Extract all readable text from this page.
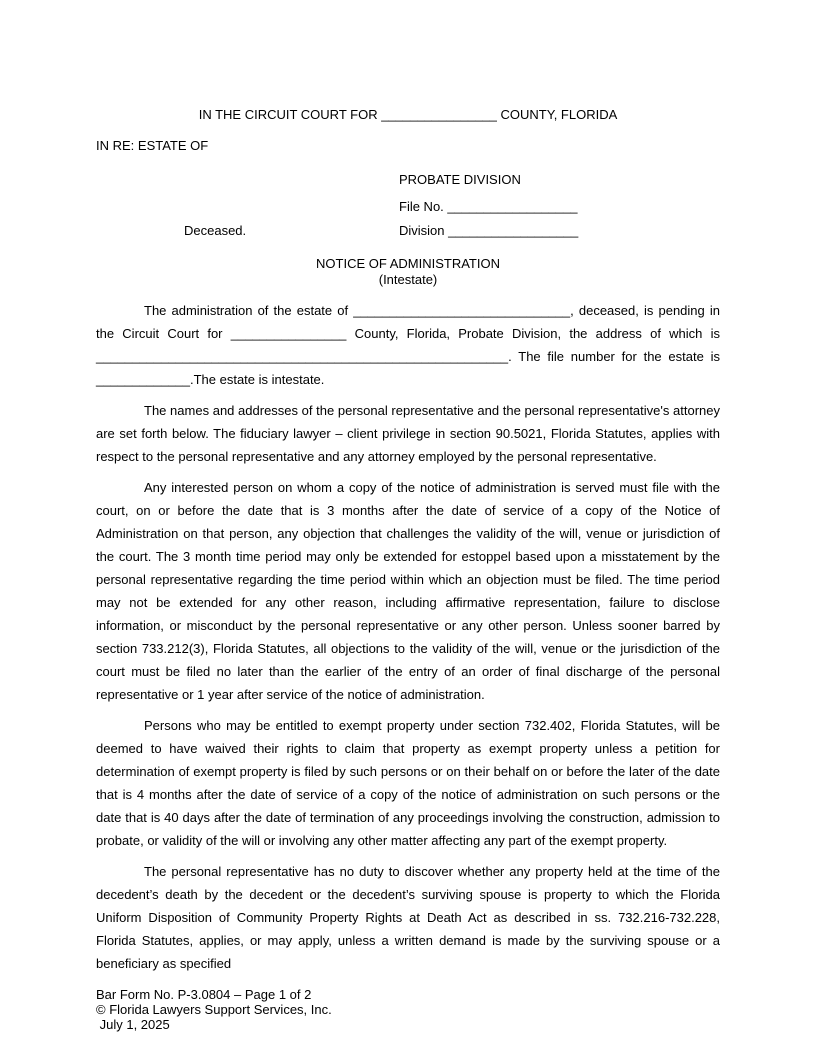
IN THE CIRCUIT COURT FOR ________________ COUNTY, FLORIDA
IN RE: ESTATE OF
PROBATE DIVISION
File No. __________________
Deceased.	Division __________________
NOTICE OF ADMINISTRATION
(Intestate)

The administration of the estate of ______________________________, deceased, is pending in the Circuit Court for ________________ County, Florida, Probate Division, the address of which is _________________________________________________________. The file number for the estate is _____________.The estate is intestate.

The names and addresses of the personal representative and the personal representative's attorney are set forth below. The fiduciary lawyer – client privilege in section 90.5021, Florida Statutes, applies with respect to the personal representative and any attorney employed by the personal representative.

Any interested person on whom a copy of the notice of administration is served must file with the court, on or before the date that is 3 months after the date of service of a copy of the Notice of Administration on that person, any objection that challenges the validity of the will, venue or jurisdiction of the court. The 3 month time period may only be extended for estoppel based upon a misstatement by the personal representative regarding the time period within which an objection must be filed. The time period may not be extended for any other reason, including affirmative representation, failure to disclose information, or misconduct by the personal representative or any other person. Unless sooner barred by section 733.212(3), Florida Statutes, all objections to the validity of the will, venue or the jurisdiction of the court must be filed no later than the earlier of the entry of an order of final discharge of the personal representative or 1 year after service of the notice of administration.

Persons who may be entitled to exempt property under section 732.402, Florida Statutes, will be deemed to have waived their rights to claim that property as exempt property unless a petition for determination of exempt property is filed by such persons or on their behalf on or before the later of the date that is 4 months after the date of service of a copy of the notice of administration on such persons or the date that is 40 days after the date of termination of any proceedings involving the construction, admission to probate, or validity of the will or involving any other matter affecting any part of the exempt property.

The personal representative has no duty to discover whether any property held at the time of the decedent’s death by the decedent or the decedent’s surviving spouse is property to which the Florida Uniform Disposition of Community Property Rights at Death Act as described in ss. 732.216-732.228, Florida Statutes, applies, or may apply, unless a written demand is made by the surviving spouse or a beneficiary as specified

Bar Form No. P-3.0804 – Page 1 of 2
© Florida Lawyers Support Services, Inc.
July 1, 2025
